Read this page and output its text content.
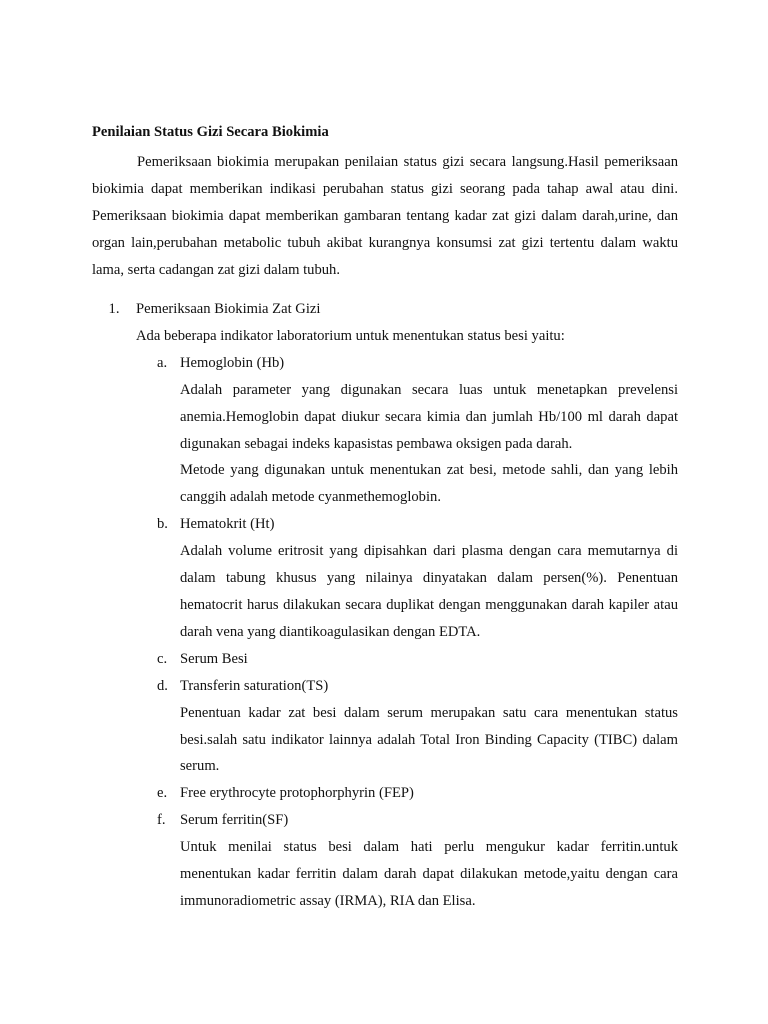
Penilaian Status Gizi Secara Biokimia

Pemeriksaan biokimia merupakan penilaian status gizi secara langsung.Hasil pemeriksaan biokimia dapat memberikan indikasi perubahan status gizi seorang pada tahap awal atau dini. Pemeriksaan biokimia dapat memberikan gambaran tentang kadar zat gizi dalam darah,urine, dan organ lain,perubahan metabolic tubuh akibat kurangnya konsumsi zat gizi tertentu dalam waktu lama, serta cadangan zat gizi dalam tubuh.

1.	Pemeriksaan Biokimia Zat Gizi

Ada beberapa indikator laboratorium untuk menentukan status besi yaitu:

a. Hemoglobin (Hb)

Adalah parameter yang digunakan secara luas untuk menetapkan prevelensi anemia.Hemoglobin dapat diukur secara kimia dan jumlah Hb/100 ml darah dapat digunakan sebagai indeks kapasistas pembawa oksigen pada darah.

Metode yang digunakan untuk menentukan zat besi, metode sahli, dan yang lebih canggih adalah metode cyanmethemoglobin.

b. Hematokrit (Ht)

Adalah volume eritrosit yang dipisahkan dari plasma dengan cara memutarnya di dalam tabung khusus yang nilainya dinyatakan dalam persen(%). Penentuan hematocrit harus dilakukan secara duplikat dengan menggunakan darah kapiler atau darah vena yang diantikoagulasikan dengan EDTA.

c. Serum Besi
d. Transferin saturation(TS)

Penentuan kadar zat besi dalam serum merupakan satu cara menentukan status besi.salah satu indikator lainnya adalah Total Iron Binding Capacity (TIBC) dalam serum.

e. Free erythrocyte protophorphyrin (FEP)
f. Serum ferritin(SF)

Untuk menilai status besi dalam hati perlu mengukur kadar ferritin.untuk menentukan kadar ferritin dalam darah dapat dilakukan metode,yaitu dengan cara immunoradiometric assay (IRMA), RIA dan Elisa.
